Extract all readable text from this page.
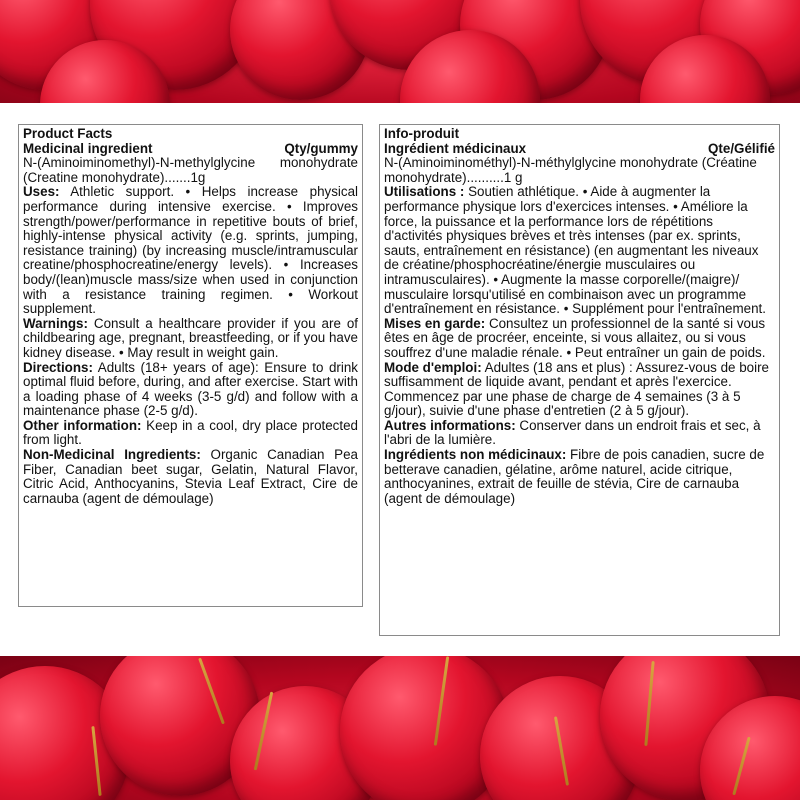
Product Facts
Medicinal ingredient	Qty/gummy

N-(Aminoiminomethyl)-N-methylglycine monohydrate (Creatine monohydrate).......1g

Uses: Athletic support. • Helps increase physical performance during intensive exercise. • Improves strength/power/performance in repetitive bouts of brief, highly-intense physical activity (e.g. sprints, jumping, resistance training) (by increasing muscle/intramuscular creatine/phosphocreatine/energy levels). • Increases body/(lean)muscle mass/size when used in conjunction with a resistance training regimen. • Workout supplement.

Warnings: Consult a healthcare provider if you are of childbearing age, pregnant, breastfeeding, or if you have kidney disease. • May result in weight gain.

Directions: Adults (18+ years of age): Ensure to drink optimal fluid before, during, and after exercise. Start with a loading phase of 4 weeks (3-5 g/d) and follow with a maintenance phase (2-5 g/d).

Other information: Keep in a cool, dry place protected from light.

Non-Medicinal Ingredients: Organic Canadian Pea Fiber, Canadian beet sugar, Gelatin, Natural Flavor, Citric Acid, Anthocyanins, Stevia Leaf Extract, Cire de carnauba (agent de démoulage)

Info-produit
Ingrédient médicinaux	Qte/Gélifié

N-(Aminoiminométhyl)-N-méthylglycine monohydrate (Créatine monohydrate)..........1 g

Utilisations : Soutien athlétique. • Aide à augmenter la performance physique lors d'exercices intenses. • Améliore la force, la puissance et la performance lors de répétitions d'activités physiques brèves et très intenses (par ex. sprints, sauts, entraînement en résistance) (en augmentant les niveaux de créatine/phosphocréatine/énergie musculaires ou intramusculaires). • Augmente la masse corporelle/(maigre)/ musculaire lorsqu'utilisé en combinaison avec un programme d'entraînement en résistance. • Supplément pour l'entraînement.

Mises en garde: Consultez un professionnel de la santé si vous êtes en âge de procréer, enceinte, si vous allaitez, ou si vous souffrez d'une maladie rénale. • Peut entraîner un gain de poids.

Mode d'emploi: Adultes (18 ans et plus) : Assurez-vous de boire suffisamment de liquide avant, pendant et après l'exercice. Commencez par une phase de charge de 4 semaines (3 à 5 g/jour), suivie d'une phase d'entretien (2 à 5 g/jour).

Autres informations: Conserver dans un endroit frais et sec, à l'abri de la lumière.

Ingrédients non médicinaux: Fibre de pois canadien, sucre de betterave canadien, gélatine, arôme naturel, acide citrique, anthocyanines, extrait de feuille de stévia, Cire de carnauba (agent de démoulage)
